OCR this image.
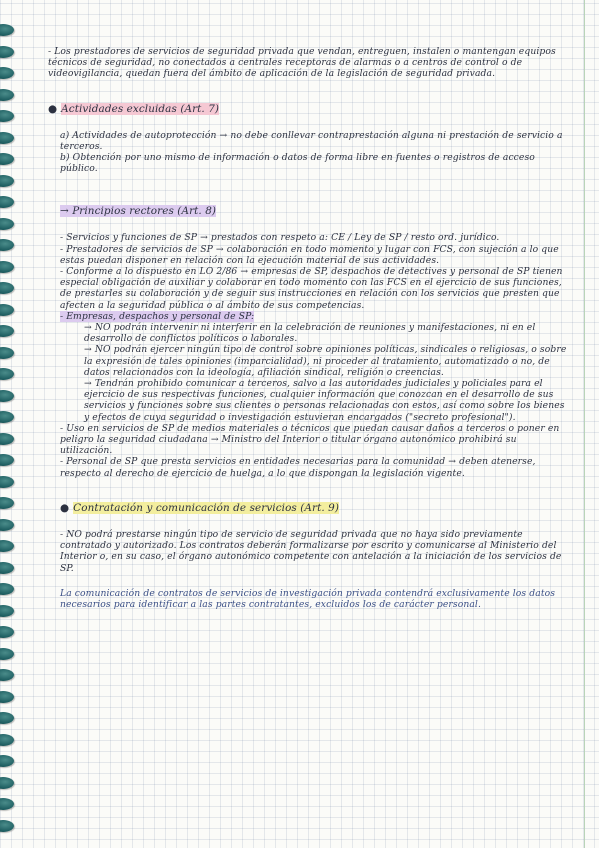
- Los prestadores de servicios de seguridad privada que vendan, entreguen, instalen o mantengan equipos técnicos de seguridad, no conectados a centrales receptoras de alarmas o a centros de control o de videovigilancia, quedan fuera del ámbito de aplicación de la legislación de seguridad privada.

● Actividades excluidas (Art. 7)

a) Actividades de autoprotección → no debe conllevar contraprestación alguna ni prestación de servicio a terceros.

b) Obtención por uno mismo de información o datos de forma libre en fuentes o registros de acceso público.

→ Principios rectores (Art. 8)

- Servicios y funciones de SP → prestados con respeto a: CE / Ley de SP / resto ord. jurídico.

- Prestadores de servicios de SP → colaboración en todo momento y lugar con FCS, con sujeción a lo que estas puedan disponer en relación con la ejecución material de sus actividades.

- Conforme a lo dispuesto en LO 2/86 → empresas de SP, despachos de detectives y personal de SP tienen especial obligación de auxiliar y colaborar en todo momento con las FCS en el ejercicio de sus funciones, de prestarles su colaboración y de seguir sus instrucciones en relación con los servicios que presten que afecten a la seguridad pública o al ámbito de sus competencias.

- Empresas, despachos y personal de SP:

→ NO podrán intervenir ni interferir en la celebración de reuniones y manifestaciones, ni en el desarrollo de conflictos políticos o laborales.

→ NO podrán ejercer ningún tipo de control sobre opiniones políticas, sindicales o religiosas, o sobre la expresión de tales opiniones (imparcialidad), ni proceder al tratamiento, automatizado o no, de datos relacionados con la ideología, afiliación sindical, religión o creencias.

→ Tendrán prohibido comunicar a terceros, salvo a las autoridades judiciales y policiales para el ejercicio de sus respectivas funciones, cualquier información que conozcan en el desarrollo de sus servicios y funciones sobre sus clientes o personas relacionadas con estos, así como sobre los bienes y efectos de cuya seguridad o investigación estuvieran encargados ("secreto profesional").

- Uso en servicios de SP de medios materiales o técnicos que puedan causar daños a terceros o poner en peligro la seguridad ciudadana → Ministro del Interior o titular órgano autonómico prohibirá su utilización.

- Personal de SP que presta servicios en entidades necesarias para la comunidad → deben atenerse, respecto al derecho de ejercicio de huelga, a lo que dispongan la legislación vigente.

● Contratación y comunicación de servicios (Art. 9)

- NO podrá prestarse ningún tipo de servicio de seguridad privada que no haya sido previamente contratado y autorizado. Los contratos deberán formalizarse por escrito y comunicarse al Ministerio del Interior o, en su caso, el órgano autonómico competente con antelación a la iniciación de los servicios de SP.

La comunicación de contratos de servicios de investigación privada contendrá exclusivamente los datos necesarios para identificar a las partes contratantes, excluidos los de carácter personal.
